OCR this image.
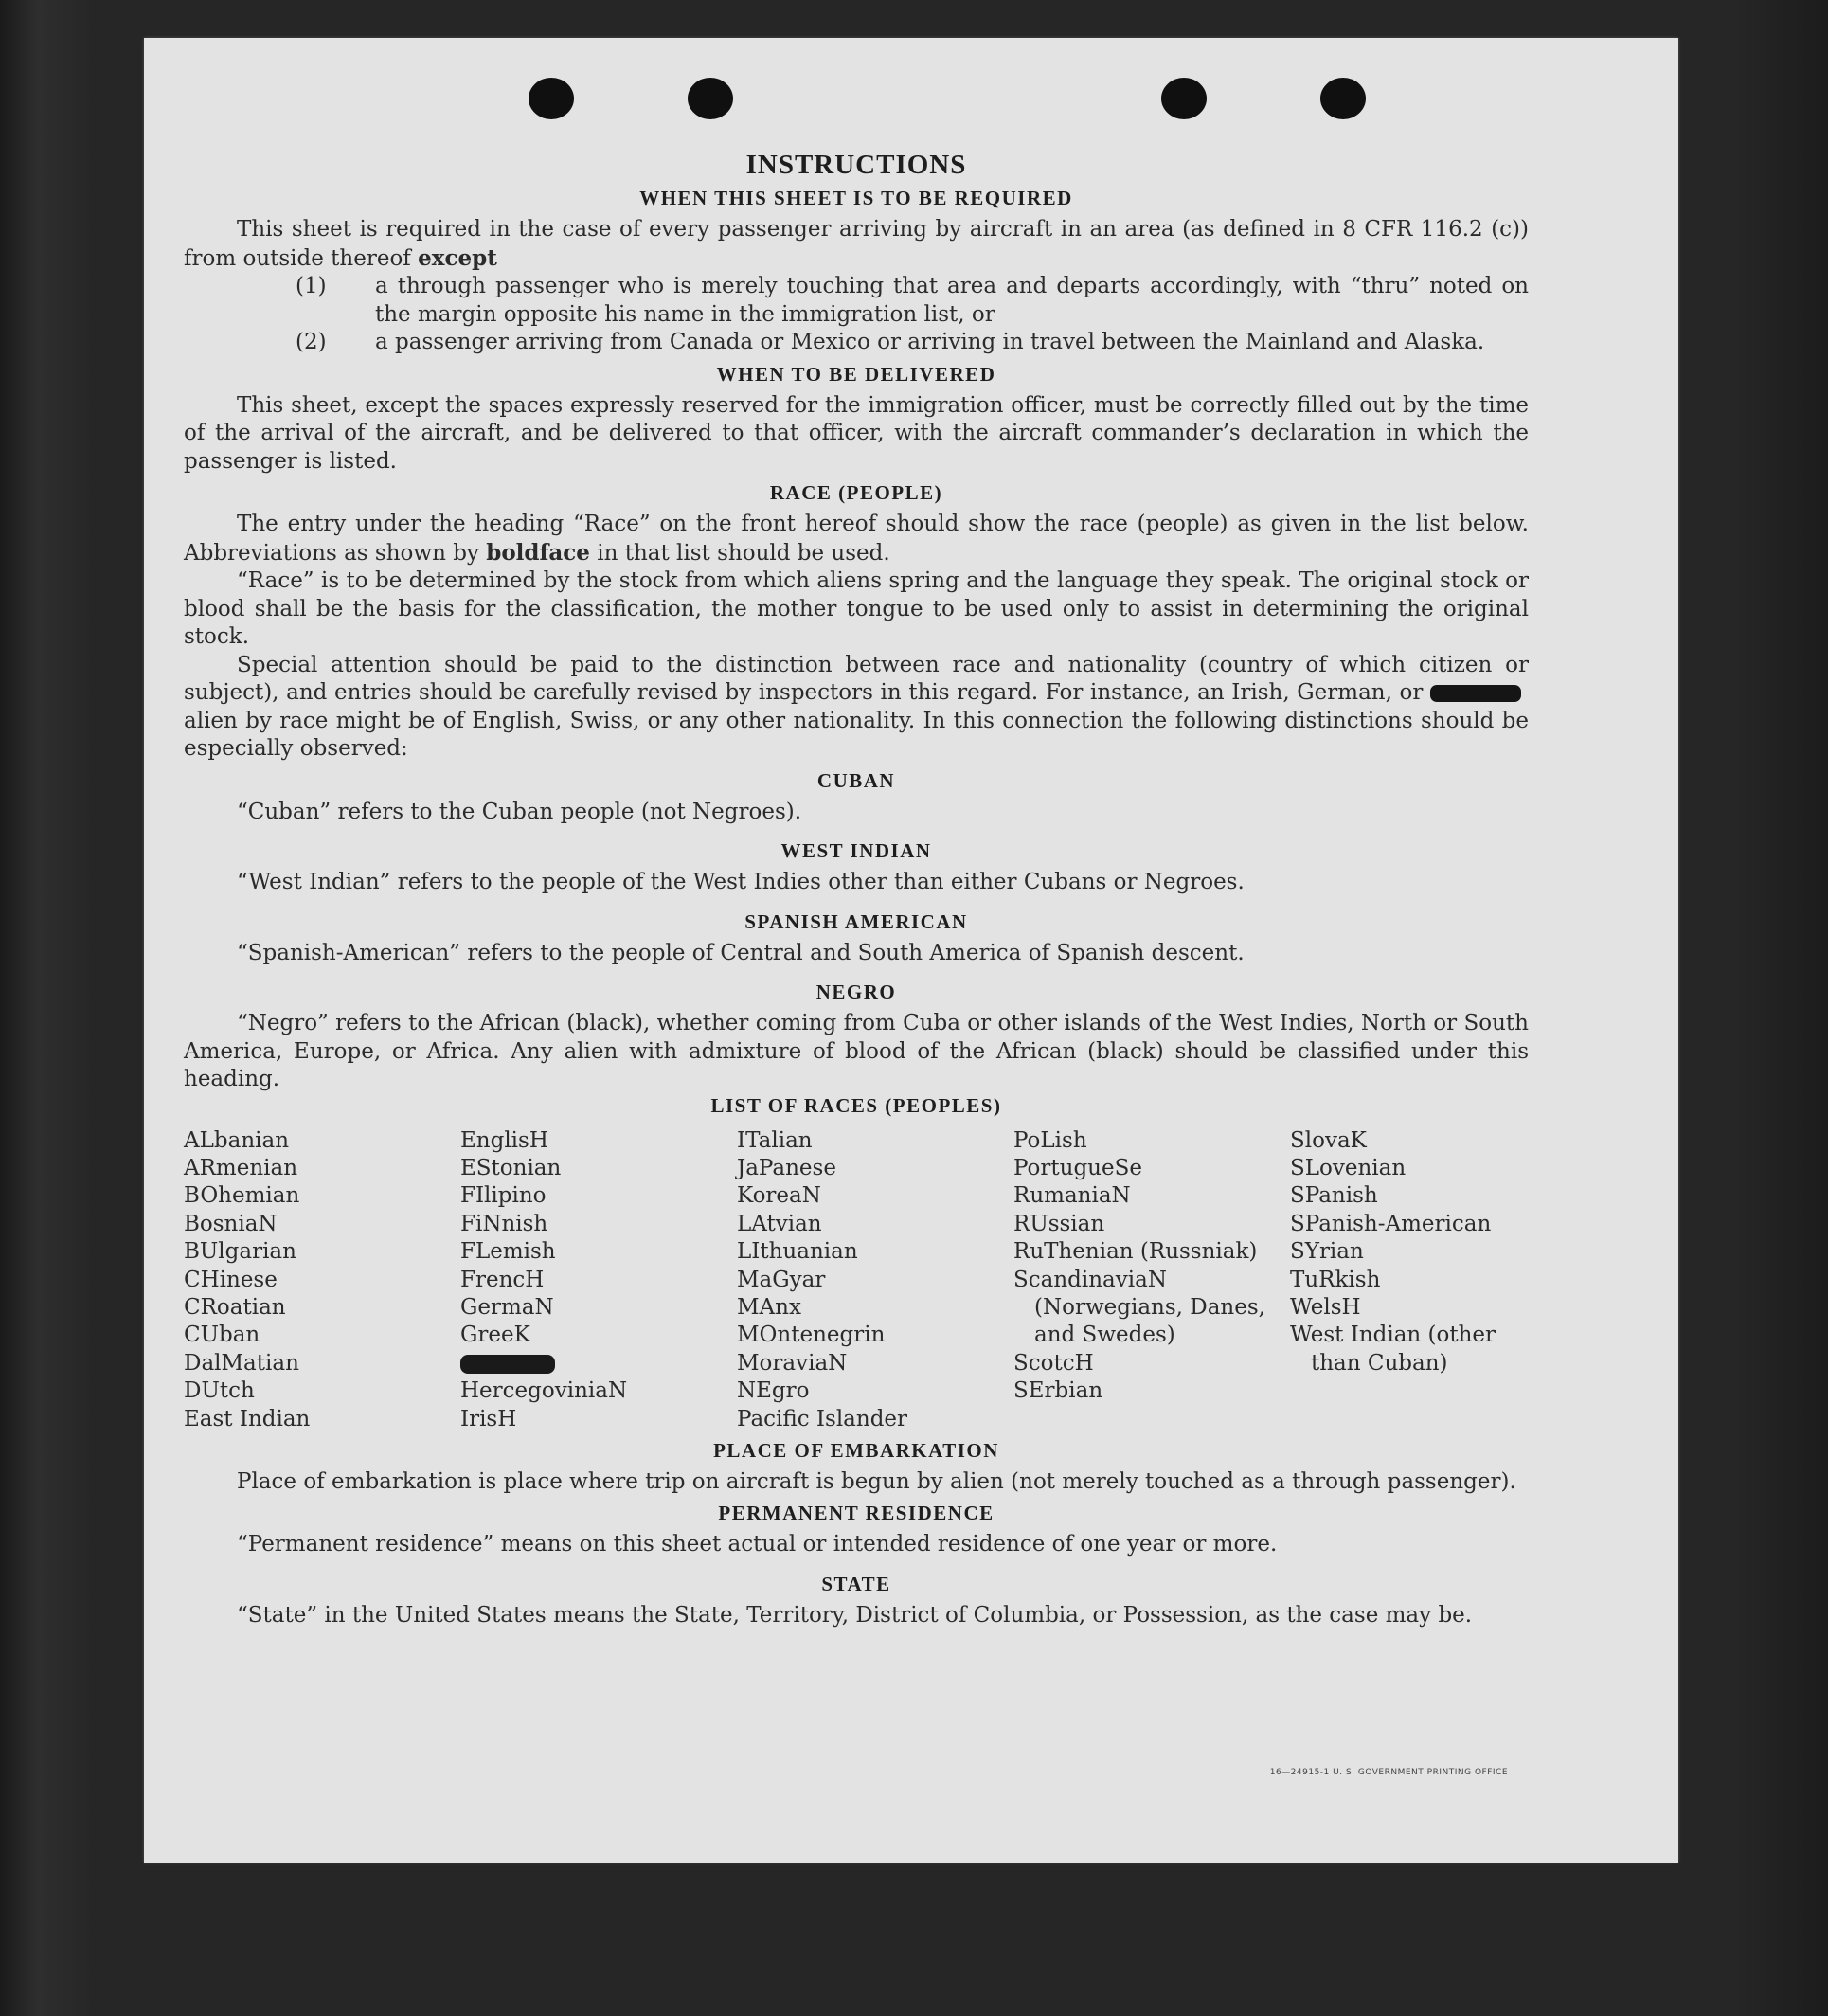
INSTRUCTIONS
WHEN THIS SHEET IS TO BE REQUIRED

This sheet is required in the case of every passenger arriving by aircraft in an area (as defined in 8 CFR 116.2 (c)) from outside thereof except

(1) a through passenger who is merely touching that area and departs accordingly, with “thru” noted on the margin opposite his name in the immigration list, or
(2) a passenger arriving from Canada or Mexico or arriving in travel between the Mainland and Alaska.
WHEN TO BE DELIVERED

This sheet, except the spaces expressly reserved for the immigration officer, must be correctly filled out by the time of the arrival of the aircraft, and be delivered to that officer, with the aircraft commander’s declaration in which the passenger is listed.

RACE (PEOPLE)

The entry under the heading “Race” on the front hereof should show the race (people) as given in the list below. Abbreviations as shown by boldface in that list should be used.

“Race” is to be determined by the stock from which aliens spring and the language they speak. The original stock or blood shall be the basis for the classification, the mother tongue to be used only to assist in determining the original stock.

Special attention should be paid to the distinction between race and nationality (country of which citizen or subject), and entries should be carefully revised by inspectors in this regard. For instance, an Irish, German, or alien by race might be of English, Swiss, or any other nationality. In this connection the following distinctions should be especially observed:

CUBAN

“Cuban” refers to the Cuban people (not Negroes).

WEST INDIAN

“West Indian” refers to the people of the West Indies other than either Cubans or Negroes.

SPANISH AMERICAN

“Spanish-American” refers to the people of Central and South America of Spanish descent.

NEGRO

“Negro” refers to the African (black), whether coming from Cuba or other islands of the West Indies, North or South America, Europe, or Africa. Any alien with admixture of blood of the African (black) should be classified under this heading.

LIST OF RACES (PEOPLES)
ALbanian
ARmenian
BOhemian
BosniaN
BUlgarian
CHinese
CRoatian
CUban
DalMatian
DUtch
East Indian
EnglisH
EStonian
FIlipino
FiNnish
FLemish
FrencH
GermaN
GreeK
HercegoviniaN
IrisH
ITalian
JaPanese
KoreaN
LAtvian
LIthuanian
MaGyar
MAnx
MOntenegrin
MoraviaN
NEgro
Pacific Islander
PoLish
PortugueSe
RumaniaN
RUssian
RuThenian (Russniak)
ScandinaviaN (Norwegians, Danes, and Swedes)
ScotcH
SErbian
SlovaK
SLovenian
SPanish
SPanish-American
SYrian
TuRkish
WelsH
West Indian (other than Cuban)
PLACE OF EMBARKATION

Place of embarkation is place where trip on aircraft is begun by alien (not merely touched as a through passenger).

PERMANENT RESIDENCE

“Permanent residence” means on this sheet actual or intended residence of one year or more.

STATE

“State” in the United States means the State, Territory, District of Columbia, or Possession, as the case may be.

16—24915-1 U. S. GOVERNMENT PRINTING OFFICE
